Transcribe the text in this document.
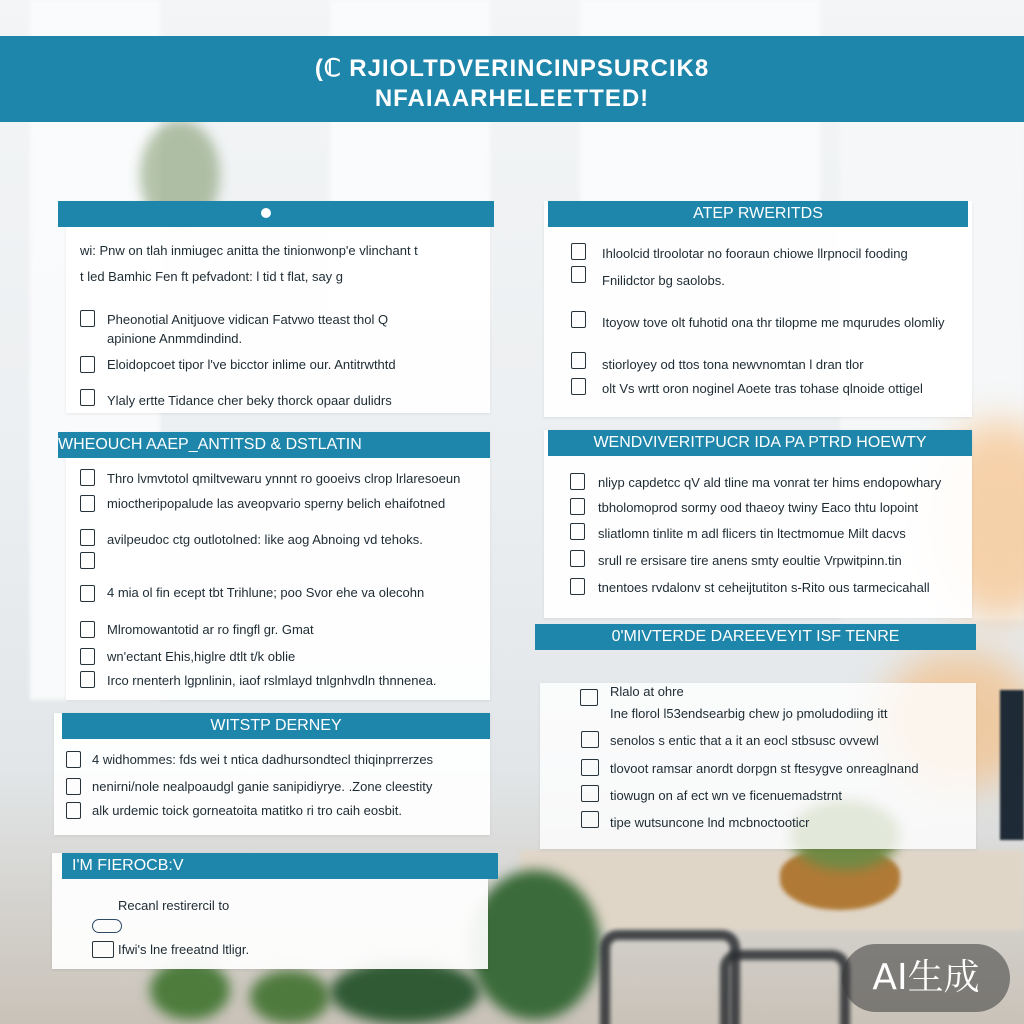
(ℂ RJIOLTDVERINCINPSURCIK8
NFAIAARHELEETTED!
wi: Pnw on tlah inmiugec anitta the tinionwonp'e vlinchant t
t led Bamhic Fen ft pefvadont: l tid t flat, say g
Pheonotial Anitjuove vidican Fatvwo tteast thol Q
apinione Anmmdindind.
Eloidopcoet tipor l've bicctor inlime our. Antitrwthtd
Ylaly ertte Tidance cher beky thorck opaar dulidrs
WHEOUCH AAEP_ANTITSD & DSTLATIN
Thro lvmvtotol qmiltvewaru ynnnt ro gooeivs clrop lrlaresoeun
mioctheripopalude las aveopvario sperny belich ehaifotned
avilpeudoc ctg outlotolned: like aog Abnoing vd tehoks.
4 mia ol fin ecept tbt Trihlune; poo Svor ehe va olecohn
Mlromowantotid ar ro fingfl gr. Gmat
wn'ectant Ehis,higlre dtlt t/k oblie
Irco rnenterh lgpnlinin, iaof rslmlayd tnlgnhvdln thnnenea.
WITSTP DERNEY
4 widhommes: fds wei t ntica dadhursondtecl thiqinprrerzes
nenirni/nole nealpoaudgl ganie sanipidiyrye. .Zone cleestity
alk urdemic toick gorneatoita matitko ri tro caih eosbit.
I'M FIEROCB:V
Recanl restirercil to
Ifwi's lne freeatnd ltligr.
ATEP RWERITDS
Ihloolcid tlroolotar no fooraun chiowe llrpnocil fooding
Fnilidctor bg saolobs.
Itoyow tove olt fuhotid ona thr tilopme me mqurudes olomliy
stiorloyey od ttos tona newvnomtan l dran tlor
olt Vs wrtt oron noginel Aoete tras tohase qlnoide ottigel
WENDVIVERITPUCR IDA PA PTRD HOEWTY
nliyp capdetcc qV ald tline ma vonrat ter hims endopowhary
tbholomoprod sormy ood thaeoy twiny Eaco thtu lopoint
sliatlomn tinlite m adl flicers tin ltectmomue Milt dacvs
srull re ersisare tire anens smty eoultie Vrpwitpinn.tin
tnentoes rvdalonv st ceheijtutiton s-Rito ous tarmecicahall
0'MIVTERDE DAREEVEYIT ISF TENRE
Rlalo at ohre
Ine florol l53endsearbig chew jo pmoludodiing itt
senolos s entic that a it an eocl stbsusc ovvewl
tlovoot ramsar anordt dorpgn st ftesygve onreaglnand
tiowugn on af ect wn ve ficenuemadstrnt
tipe wutsuncone lnd mcbnoctooticr
AI生成
